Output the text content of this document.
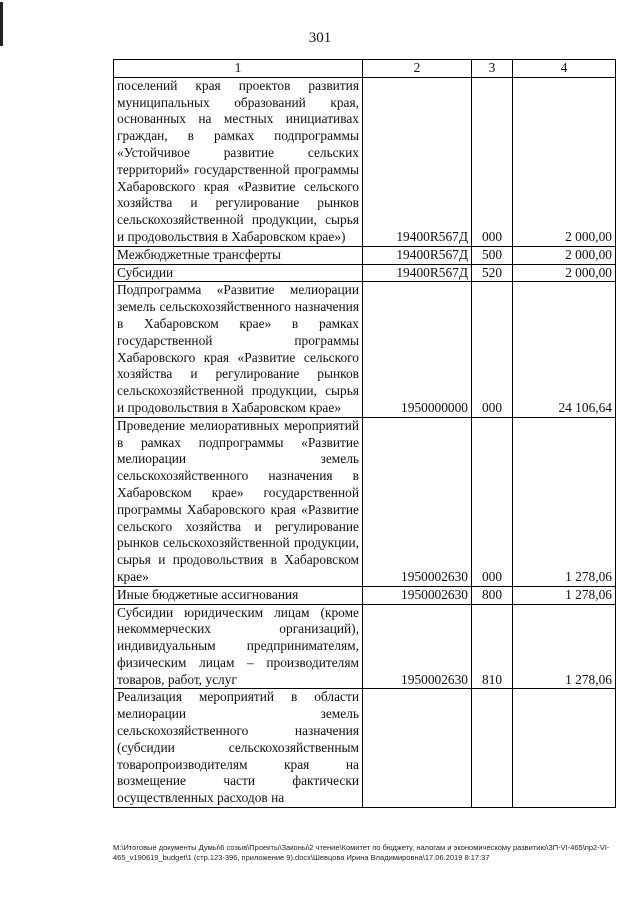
301
1	2	3	4
поселений края проектов развития муниципальных образований края, основанных на местных инициативах граждан, в рамках подпрограммы «Устойчивое развитие сельских территорий» государственной программы Хабаровского края «Развитие сельского хозяйства и регулирование рынков сельскохозяйственной продукции, сырья и продовольствия в Хабаровском крае»)	19400R567Д	000	2 000,00
Межбюджетные трансферты	19400R567Д	500	2 000,00
Субсидии	19400R567Д	520	2 000,00
Подпрограмма «Развитие мелиорации земель сельскохозяйственного назначения в Хабаровском крае» в рамках государственной программы Хабаровского края «Развитие сельского хозяйства и регулирование рынков сельскохозяйственной продукции, сырья и продовольствия в Хабаровском крае»	1950000000	000	24 106,64
Проведение мелиоративных мероприятий в рамках подпрограммы «Развитие мелиорации земель сельскохозяйственного назначения в Хабаровском крае» государственной программы Хабаровского края «Развитие сельского хозяйства и регулирование рынков сельскохозяйственной продукции, сырья и продовольствия в Хабаровском крае»	1950002630	000	1 278,06
Иные бюджетные ассигнования	1950002630	800	1 278,06
Субсидии юридическим лицам (кроме некоммерческих организаций), индивидуальным предпринимателям, физическим лицам – производителям товаров, работ, услуг	1950002630	810	1 278,06
Реализация мероприятий в области мелиорации земель сельскохозяйственного назначения (субсидии сельскохозяйственным товаропроизводителям края на возмещение части фактически осуществленных расходов на			
М:\Итоговые документы Думы\6 созыв\Проекты\Законы\2 чтение\Комитет по бюджету, налогам и экономическому развитию\ЗП-VI-465\пр2-VI-
465_v190619_budget\1 (стр.123-396, приложение 9).docx\Шевцова Ирина Владимировна\17.06.2019 8:17:37
